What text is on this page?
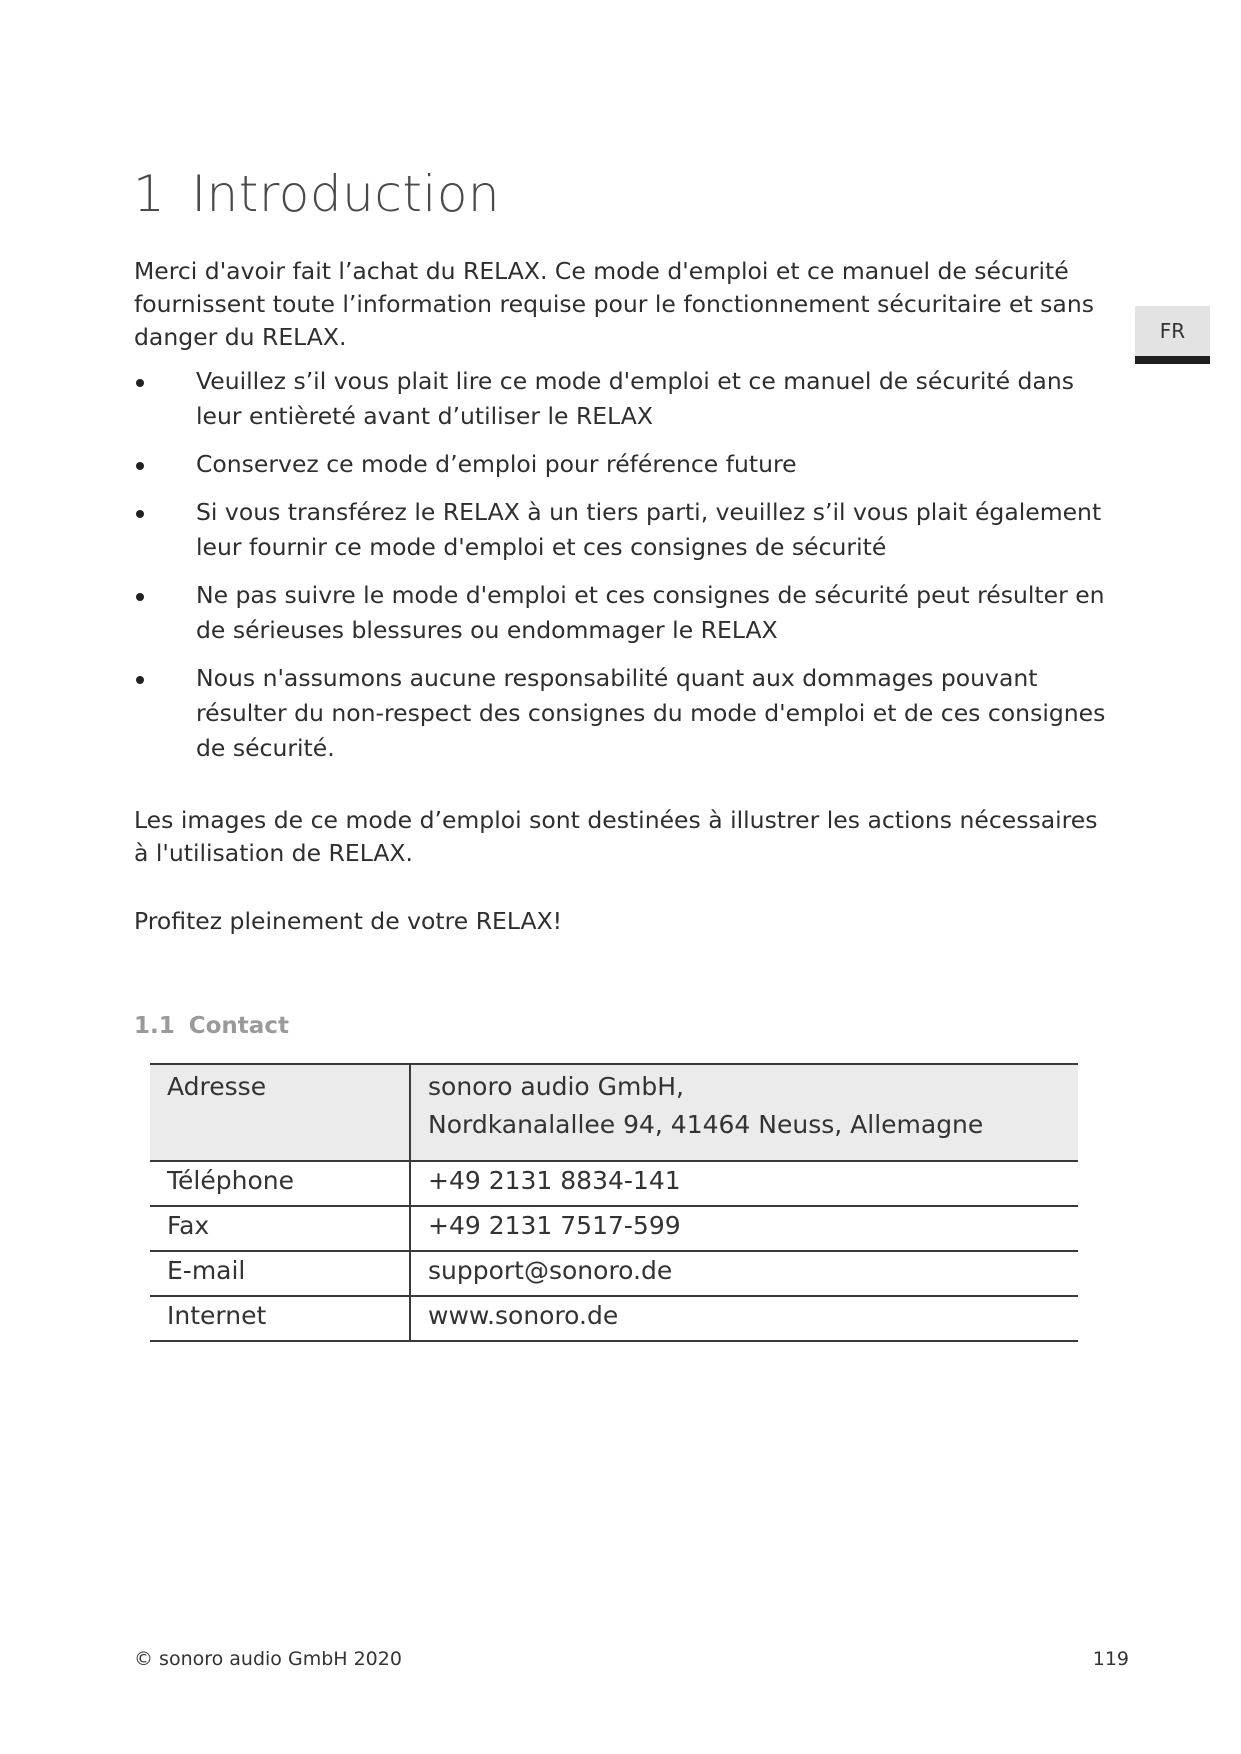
1 Introduction
FR

Merci d'avoir fait l’achat du RELAX. Ce mode d'emploi et ce manuel de sécurité fournissent toute l’information requise pour le fonctionnement sécuritaire et sans danger du RELAX.

Veuillez s’il vous plait lire ce mode d'emploi et ce manuel de sécurité dans leur entièreté avant d’utiliser le RELAX
Conservez ce mode d’emploi pour référence future
Si vous transférez le RELAX à un tiers parti, veuillez s’il vous plait également leur fournir ce mode d'emploi et ces consignes de sécurité
Ne pas suivre le mode d'emploi et ces consignes de sécurité peut résulter en de sérieuses blessures ou endommager le RELAX
Nous n'assumons aucune responsabilité quant aux dommages pouvant résulter du non-respect des consignes du mode d'emploi et de ces consignes de sécurité.

Les images de ce mode d’emploi sont destinées à illustrer les actions nécessaires à l'utilisation de RELAX.

Profitez pleinement de votre RELAX!

1.1 Contact
Adresse	sonoro audio GmbH,
Nordkanalallee 94, 41464 Neuss, Allemagne

Téléphone	+49 2131 8834-141
Fax	+49 2131 7517-599
E-mail	support@sonoro.de
Internet	www.sonoro.de
© sonoro audio GmbH 2020	119
